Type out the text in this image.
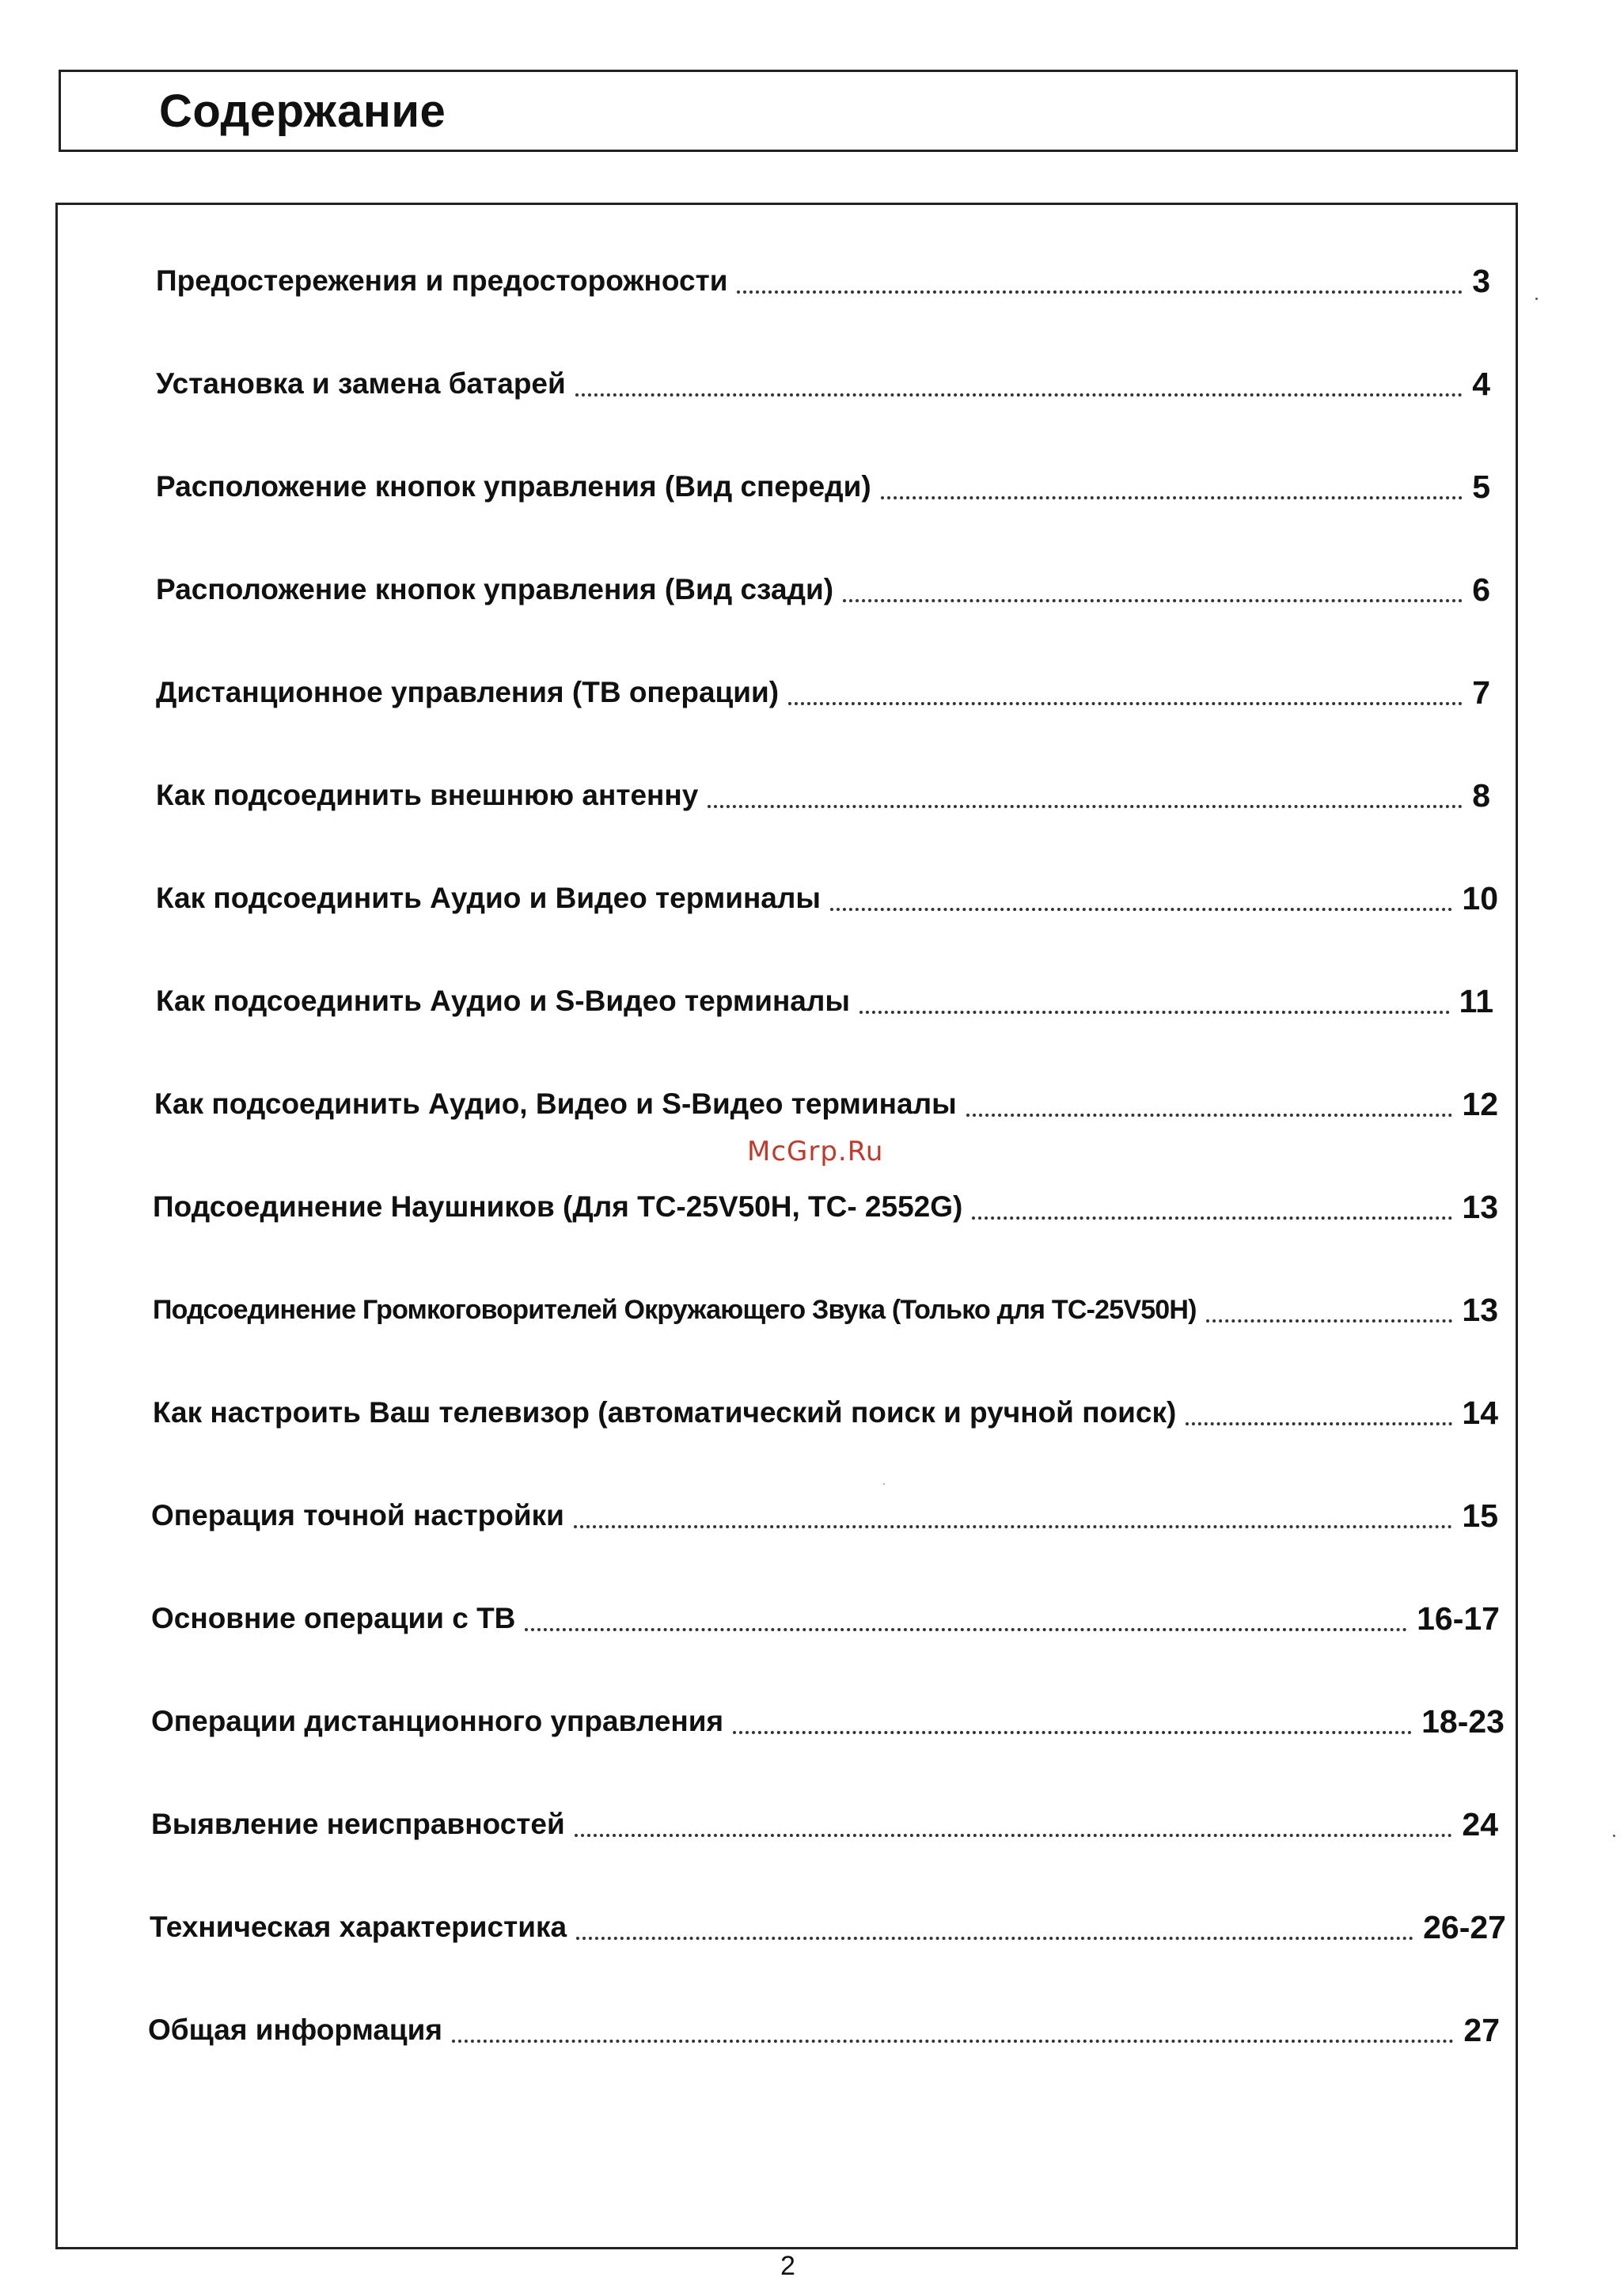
Содержание
Предостережения и предосторожности	3
Установка и замена батарей	4
Расположение кнопок управления (Вид спереди)	5
Расположение кнопок управления (Вид сзади)	6
Дистанционное управления (ТВ операции)	7
Как подсоединить внешнюю антенну	8
Как подсоединить Аудио и Видео терминалы	10
Как подсоединить Аудио и S-Видео терминалы	11
Как подсоединить Аудио, Видео и S-Видео терминалы	12
Подсоединение Наушников (Для ТС-25V50H, ТС- 2552G)	13
Подсоединение Громкоговорителей Окружающего Звука (Только для ТС-25V50H)	13
Как настроить Ваш телевизор (автоматический поиск и ручной поиск)	14
Операция точной настройки	15
Основние операции с ТВ	16-17
Операции дистанционного управления	18-23
Выявление неисправностей	24
Техническая характеристика	26-27
Общая информация	27
McGrp.Ru
2
